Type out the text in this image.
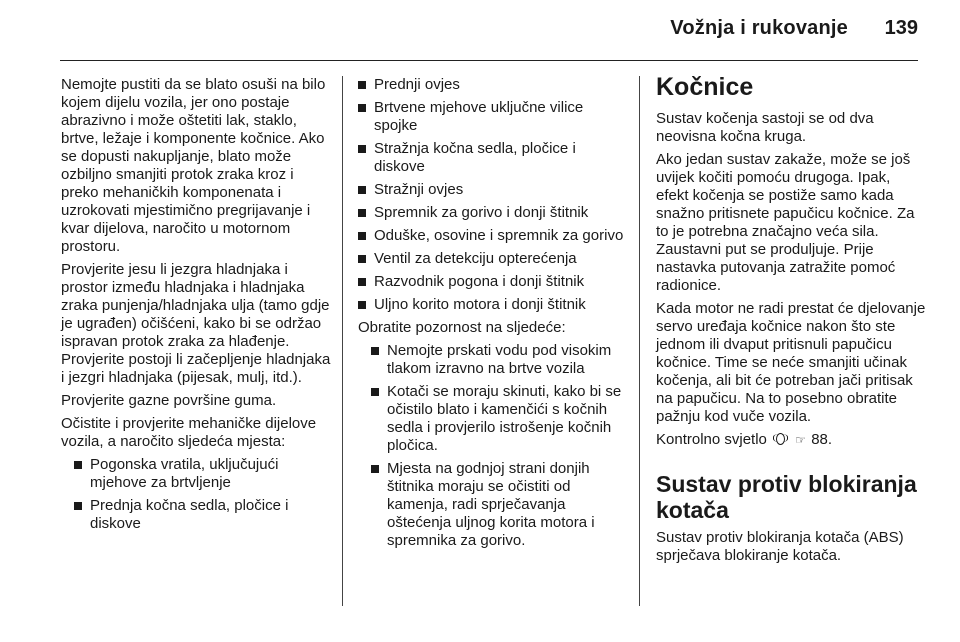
Vožnja i rukovanje 139

Nemojte pustiti da se blato osuši na bilo kojem dijelu vozila, jer ono postaje abrazivno i može oštetiti lak, staklo, brtve, ležaje i komponente kočnice. Ako se dopusti nakupljanje, blato može ozbiljno smanjiti protok zraka kroz i preko mehaničkih komponenata i uzrokovati mjestimično pregrijavanje i kvar dijelova, naročito u motornom prostoru.

Provjerite jesu li jezgra hladnjaka i prostor između hladnjaka i hladnjaka zraka punjenja/hladnjaka ulja (tamo gdje je ugrađen) očišćeni, kako bi se održao ispravan protok zraka za hlađenje. Provjerite postoji li začepljenje hladnjaka i jezgri hladnjaka (pijesak, mulj, itd.).

Provjerite gazne površine guma.

Očistite i provjerite mehaničke dijelove vozila, a naročito sljedeća mjesta:

Pogonska vratila, uključujući mjehove za brtvljenje
Prednja kočna sedla, pločice i diskove
Prednji ovjes
Brtvene mjehove uključne vilice spojke
Stražnja kočna sedla, pločice i diskove
Stražnji ovjes
Spremnik za gorivo i donji štitnik
Oduške, osovine i spremnik za gorivo
Ventil za detekciju opterećenja
Razvodnik pogona i donji štitnik
Uljno korito motora i donji štitnik

Obratite pozornost na sljedeće:

Nemojte prskati vodu pod visokim tlakom izravno na brtve vozila
Kotači se moraju skinuti, kako bi se očistilo blato i kamenčići s kočnih sedla i provjerilo istrošenje kočnih pločica.
Mjesta na godnjoj strani donjih štitnika moraju se očistiti od kamenja, radi sprječavanja oštećenja uljnog korita motora i spremnika za gorivo.
Kočnice

Sustav kočenja sastoji se od dva neovisna kočna kruga.

Ako jedan sustav zakaže, može se još uvijek kočiti pomoću drugoga. Ipak, efekt kočenja se postiže samo kada snažno pritisnete papučicu kočnice. Za to je potrebna značajno veća sila. Zaustavni put se produljuje. Prije nastavka putovanja zatražite pomoć radionice.

Kada motor ne radi prestat će djelovanje servo uređaja kočnice nakon što ste jednom ili dvaput pritisnuli papučicu kočnice. Time se neće smanjiti učinak kočenja, ali bit će potreban jači pritisak na papučicu. Na to posebno obratite pažnju kod vuče vozila.

Kontrolno svjetlo ☞ 88.

Sustav protiv blokiranja kotača

Sustav protiv blokiranja kotača (ABS) sprječava blokiranje kotača.
